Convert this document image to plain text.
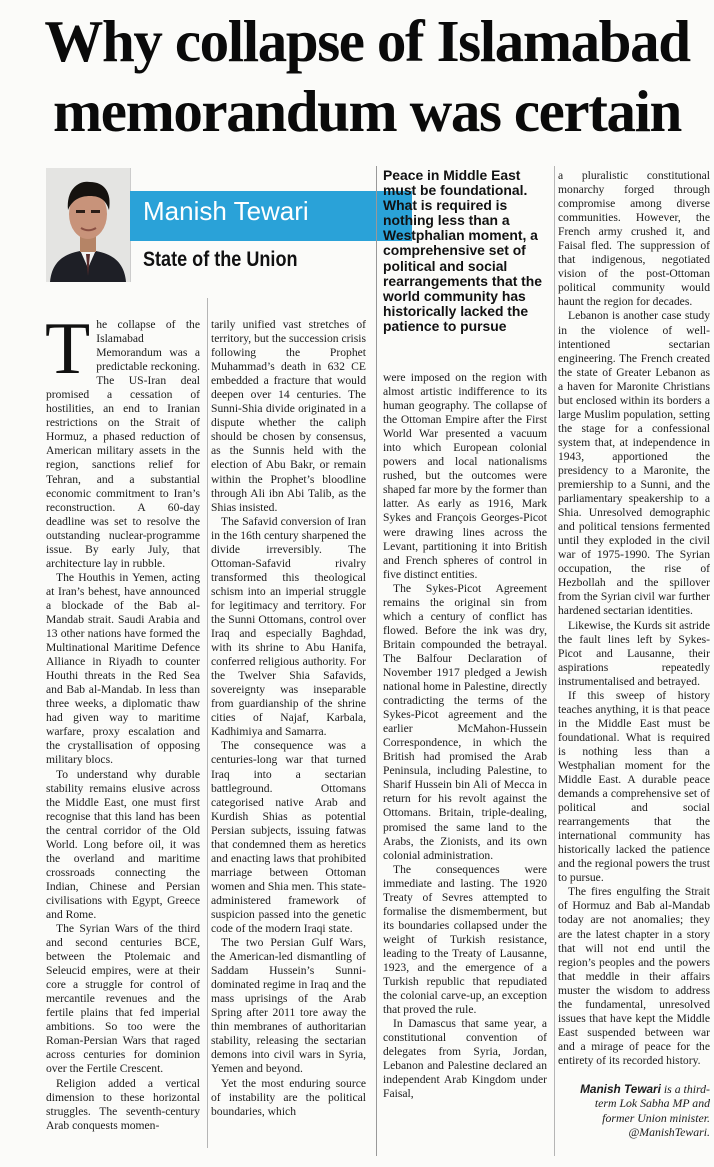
Why collapse of Islamabad
memorandum was certain
Manish Tewari
State of the Union
Peace in Middle East must be foundational. What is required is nothing less than a Westphalian moment, a comprehensive set of political and social rearrangements that the world community has historically lacked the patience to pursue

The collapse of the Islamabad Memorandum was a predictable reckoning. The US-Iran deal promised a cessation of hostilities, an end to Iranian restrictions on the Strait of Hormuz, a phased reduction of American military assets in the region, sanctions relief for Tehran, and a substantial economic commitment to Iran’s reconstruction. A 60-day deadline was set to resolve the outstanding nuclear-programme issue. By early July, that architecture lay in rubble.

The Houthis in Yemen, acting at Iran’s behest, have announced a blockade of the Bab al-Mandab strait. Saudi Arabia and 13 other nations have formed the Multinational Maritime Defence Alliance in Riyadh to counter Houthi threats in the Red Sea and Bab al-Mandab. In less than three weeks, a diplomatic thaw had given way to maritime warfare, proxy escalation and the crystallisation of opposing military blocs.

To understand why durable stability remains elusive across the Middle East, one must first recognise that this land has been the central corridor of the Old World. Long before oil, it was the overland and maritime crossroads connecting the Indian, Chinese and Persian civilisations with Egypt, Greece and Rome.

The Syrian Wars of the third and second centuries BCE, between the Ptolemaic and Seleucid empires, were at their core a struggle for control of mercantile revenues and the fertile plains that fed imperial ambitions. So too were the Roman-Persian Wars that raged across centuries for dominion over the Fertile Crescent.

Religion added a vertical dimension to these horizontal struggles. The seventh-century Arab conquests momen-

tarily unified vast stretches of territory, but the succession crisis following the Prophet Muhammad’s death in 632 CE embedded a fracture that would deepen over 14 centuries. The Sunni-Shia divide originated in a dispute whether the caliph should be chosen by consensus, as the Sunnis held with the election of Abu Bakr, or remain within the Prophet’s bloodline through Ali ibn Abi Talib, as the Shias insisted.

The Safavid conversion of Iran in the 16th century sharpened the divide irreversibly. The Ottoman-Safavid rivalry transformed this theological schism into an imperial struggle for legitimacy and territory. For the Sunni Ottomans, control over Iraq and especially Baghdad, with its shrine to Abu Hanifa, conferred religious authority. For the Twelver Shia Safavids, sovereignty was inseparable from guardianship of the shrine cities of Najaf, Karbala, Kadhimiya and Samarra.

The consequence was a centuries-long war that turned Iraq into a sectarian battleground. Ottomans categorised native Arab and Kurdish Shias as potential Persian subjects, issuing fatwas that condemned them as heretics and enacting laws that prohibited marriage between Ottoman women and Shia men. This state-administered framework of suspicion passed into the genetic code of the modern Iraqi state.

The two Persian Gulf Wars, the American-led dismantling of Saddam Hussein’s Sunni-dominated regime in Iraq and the mass uprisings of the Arab Spring after 2011 tore away the thin membranes of authoritarian stability, releasing the sectarian demons into civil wars in Syria, Yemen and beyond.

Yet the most enduring source of instability are the political boundaries, which

were imposed on the region with almost artistic indifference to its human geography. The collapse of the Ottoman Empire after the First World War presented a vacuum into which European colonial powers and local nationalisms rushed, but the outcomes were shaped far more by the former than latter. As early as 1916, Mark Sykes and François Georges-Picot were drawing lines across the Levant, partitioning it into British and French spheres of control in five distinct entities.

The Sykes-Picot Agreement remains the original sin from which a century of conflict has flowed. Before the ink was dry, Britain compounded the betrayal. The Balfour Declaration of November 1917 pledged a Jewish national home in Palestine, directly contradicting the terms of the Sykes-Picot agreement and the earlier McMahon-Hussein Correspondence, in which the British had promised the Arab Peninsula, including Palestine, to Sharif Hussein bin Ali of Mecca in return for his revolt against the Ottomans. Britain, triple-dealing, promised the same land to the Arabs, the Zionists, and its own colonial administration.

The consequences were immediate and lasting. The 1920 Treaty of Sevres attempted to formalise the dismemberment, but its boundaries collapsed under the weight of Turkish resistance, leading to the Treaty of Lausanne, 1923, and the emergence of a Turkish republic that repudiated the colonial carve-up, an exception that proved the rule.

In Damascus that same year, a constitutional convention of delegates from Syria, Jordan, Lebanon and Palestine declared an independent Arab Kingdom under Faisal,

a pluralistic constitutional monarchy forged through compromise among diverse communities. However, the French army crushed it, and Faisal fled. The suppression of that indigenous, negotiated vision of the post-Ottoman political community would haunt the region for decades.

Lebanon is another case study in the violence of well-intentioned sectarian engineering. The French created the state of Greater Lebanon as a haven for Maronite Christians but enclosed within its borders a large Muslim population, setting the stage for a confessional system that, at independence in 1943, apportioned the presidency to a Maronite, the premiership to a Sunni, and the parliamentary speakership to a Shia. Unresolved demographic and political tensions fermented until they exploded in the civil war of 1975-1990. The Syrian occupation, the rise of Hezbollah and the spillover from the Syrian civil war further hardened sectarian identities.

Likewise, the Kurds sit astride the fault lines left by Sykes-Picot and Lausanne, their aspirations repeatedly instrumentalised and betrayed.

If this sweep of history teaches anything, it is that peace in the Middle East must be foundational. What is required is nothing less than a Westphalian moment for the Middle East. A durable peace demands a comprehensive set of political and social rearrangements that the international community has historically lacked the patience and the regional powers the trust to pursue.

The fires engulfing the Strait of Hormuz and Bab al-Mandab today are not anomalies; they are the latest chapter in a story that will not end until the region’s peoples and the powers that meddle in their affairs muster the wisdom to address the fundamental, unresolved issues that have kept the Middle East suspended between war and a mirage of peace for the entirety of its recorded history.

Manish Tewari is a third-term Lok Sabha MP and former Union minister.
@ManishTewari.
